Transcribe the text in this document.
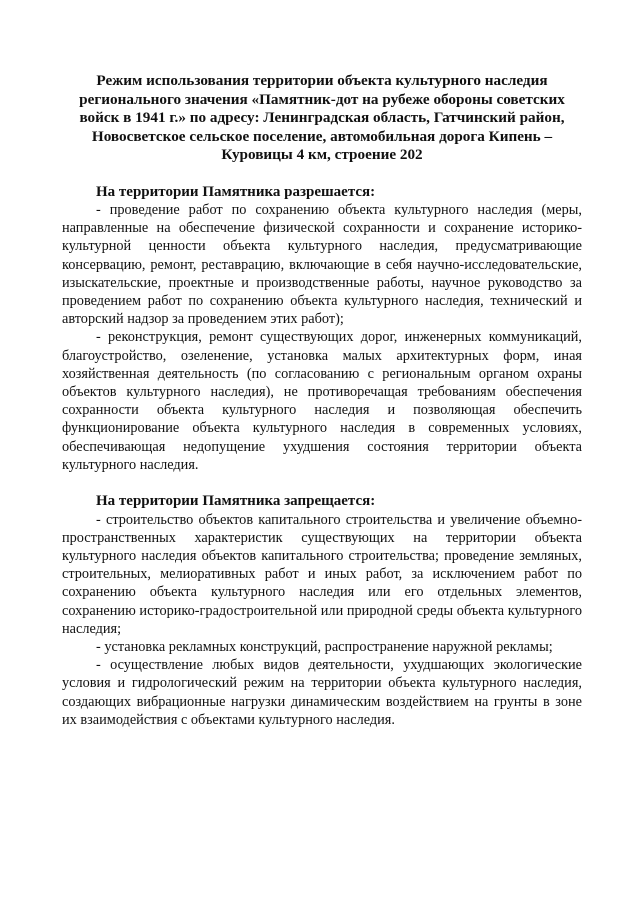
Режим использования территории объекта культурного наследия регионального значения «Памятник-дот на рубеже обороны советских войск в 1941 г.» по адресу: Ленинградская область, Гатчинский район, Новосветское сельское поселение, автомобильная дорога Кипень – Куровицы 4 км, строение 202
На территории Памятника разрешается:

- проведение работ по сохранению объекта культурного наследия (меры, направленные на обеспечение физической сохранности и сохранение историко-культурной ценности объекта культурного наследия, предусматривающие консервацию, ремонт, реставрацию, включающие в себя научно-исследовательские, изыскательские, проектные и производственные работы, научное руководство за проведением работ по сохранению объекта культурного наследия, технический и авторский надзор за проведением этих работ);

- реконструкция, ремонт существующих дорог, инженерных коммуникаций, благоустройство, озеленение, установка малых архитектурных форм, иная хозяйственная деятельность (по согласованию с региональным органом охраны объектов культурного наследия), не противоречащая требованиям обеспечения сохранности объекта культурного наследия и позволяющая обеспечить функционирование объекта культурного наследия в современных условиях, обеспечивающая недопущение ухудшения состояния территории объекта культурного наследия.

На территории Памятника запрещается:

- строительство объектов капитального строительства и увеличение объемно-пространственных характеристик существующих на территории объекта культурного наследия объектов капитального строительства; проведение земляных, строительных, мелиоративных работ и иных работ, за исключением работ по сохранению объекта культурного наследия или его отдельных элементов, сохранению историко-градостроительной или природной среды объекта культурного наследия;

- установка рекламных конструкций, распространение наружной рекламы;

- осуществление любых видов деятельности, ухудшающих экологические условия и гидрологический режим на территории объекта культурного наследия, создающих вибрационные нагрузки динамическим воздействием на грунты в зоне их взаимодействия с объектами культурного наследия.
